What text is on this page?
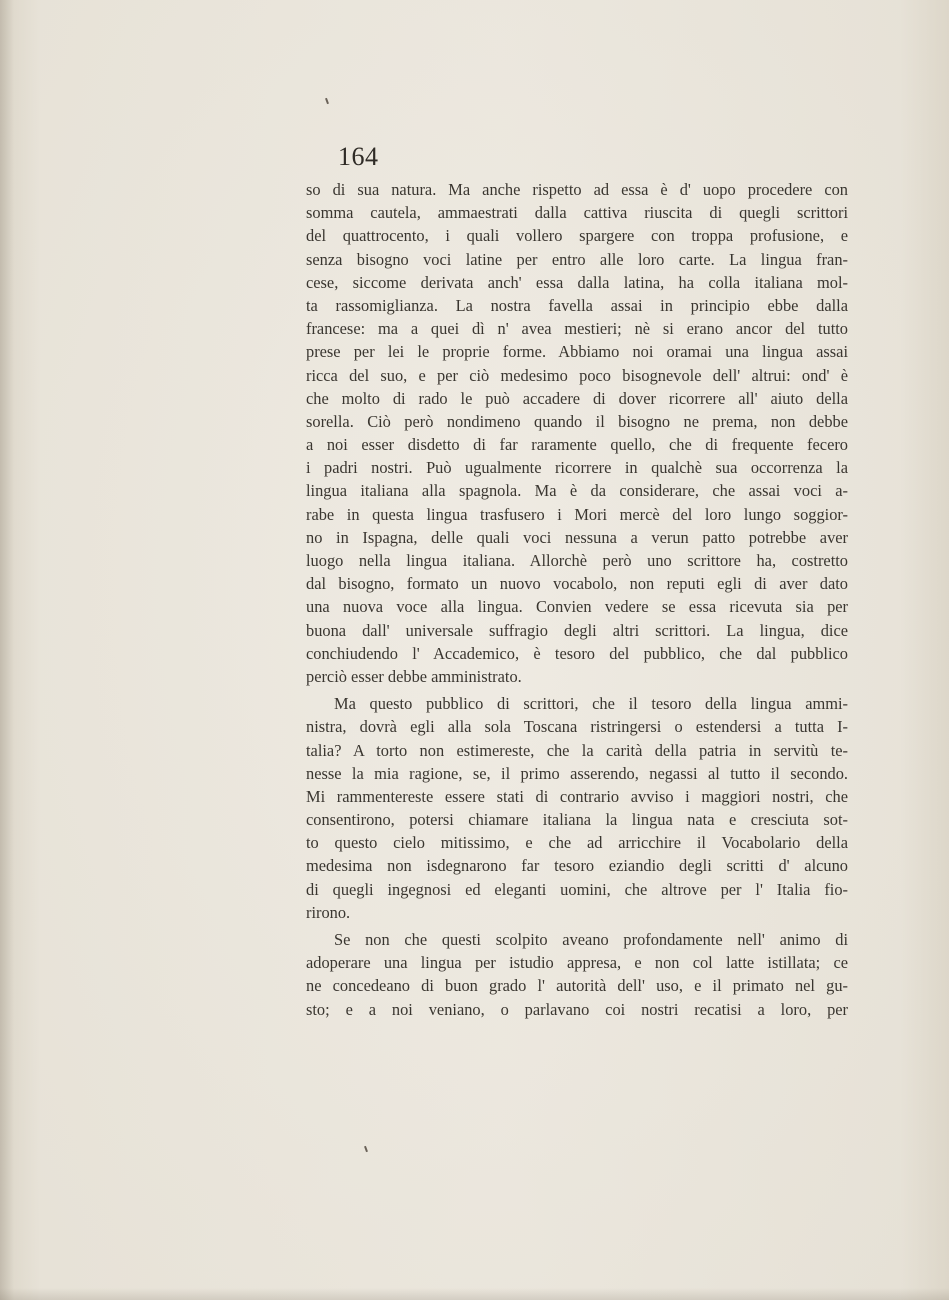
164
so di sua natura. Ma anche rispetto ad essa è d' uopo procedere con
somma cautela, ammaestrati dalla cattiva riuscita di quegli scrittori
del quattrocento, i quali vollero spargere con troppa profusione, e
senza bisogno voci latine per entro alle loro carte. La lingua fran-
cese, siccome derivata anch' essa dalla latina, ha colla italiana mol-
ta rassomiglianza. La nostra favella assai in principio ebbe dalla
francese: ma a quei dì n' avea mestieri; nè si erano ancor del tutto
prese per lei le proprie forme. Abbiamo noi oramai una lingua assai
ricca del suo, e per ciò medesimo poco bisognevole dell' altrui: ond' è
che molto di rado le può accadere di dover ricorrere all' aiuto della
sorella. Ciò però nondimeno quando il bisogno ne prema, non debbe
a noi esser disdetto di far raramente quello, che di frequente fecero
i padri nostri. Può ugualmente ricorrere in qualchè sua occorrenza la
lingua italiana alla spagnola. Ma è da considerare, che assai voci a-
rabe in questa lingua trasfusero i Mori mercè del loro lungo soggior-
no in Ispagna, delle quali voci nessuna a verun patto potrebbe aver
luogo nella lingua italiana. Allorchè però uno scrittore ha, costretto
dal bisogno, formato un nuovo vocabolo, non reputi egli di aver dato
una nuova voce alla lingua. Convien vedere se essa ricevuta sia per
buona dall' universale suffragio degli altri scrittori. La lingua, dice
conchiudendo l' Accademico, è tesoro del pubblico, che dal pubblico
perciò esser debbe amministrato.
Ma questo pubblico di scrittori, che il tesoro della lingua ammi-
nistra, dovrà egli alla sola Toscana ristringersi o estendersi a tutta I-
talia? A torto non estimereste, che la carità della patria in servitù te-
nesse la mia ragione, se, il primo asserendo, negassi al tutto il secondo.
Mi rammentereste essere stati di contrario avviso i maggiori nostri, che
consentirono, potersi chiamare italiana la lingua nata e cresciuta sot-
to questo cielo mitissimo, e che ad arricchire il Vocabolario della
medesima non isdegnarono far tesoro eziandio degli scritti d' alcuno
di quegli ingegnosi ed eleganti uomini, che altrove per l' Italia fio-
rirono.
Se non che questi scolpito aveano profondamente nell' animo di
adoperare una lingua per istudio appresa, e non col latte istillata; ce
ne concedeano di buon grado l' autorità dell' uso, e il primato nel gu-
sto; e a noi veniano, o parlavano coi nostri recatisi a loro, per
